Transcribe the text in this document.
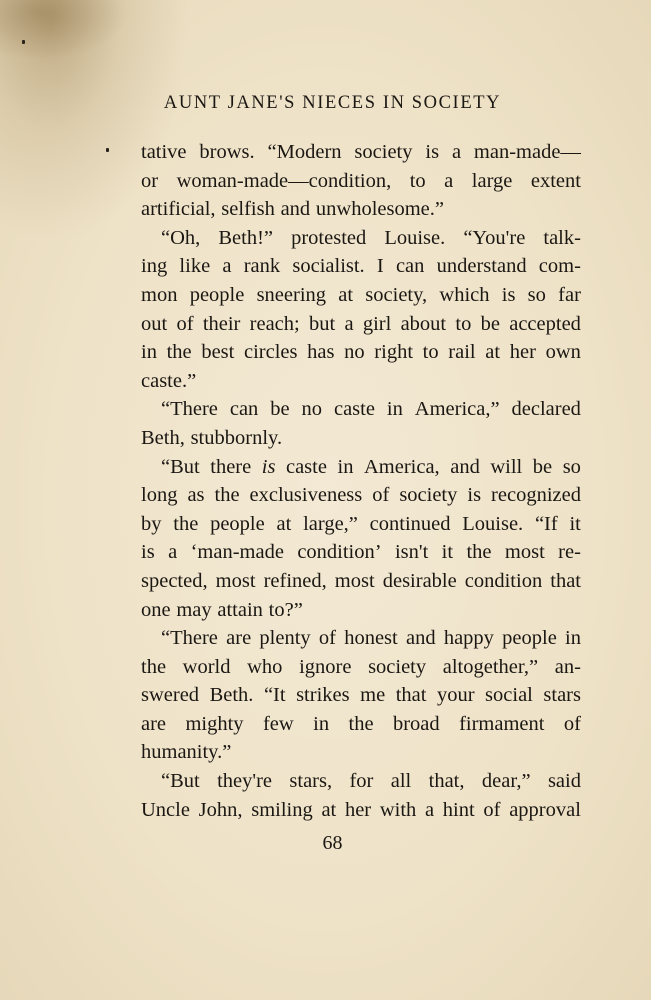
AUNT JANE'S NIECES IN SOCIETY
tative brows. “Modern society is a man-made—
or woman-made—condition, to a large extent
artificial, selfish and unwholesome.”
“Oh, Beth!” protested Louise. “You're talk-
ing like a rank socialist. I can understand com-
mon people sneering at society, which is so far
out of their reach; but a girl about to be accepted
in the best circles has no right to rail at her own
caste.”
“There can be no caste in America,” declared
Beth, stubbornly.
“But there is caste in America, and will be so
long as the exclusiveness of society is recognized
by the people at large,” continued Louise. “If it
is a ‘man-made condition’ isn't it the most re-
spected, most refined, most desirable condition that
one may attain to?”
“There are plenty of honest and happy people in
the world who ignore society altogether,” an-
swered Beth. “It strikes me that your social stars
are mighty few in the broad firmament of
humanity.”
“But they're stars, for all that, dear,” said
Uncle John, smiling at her with a hint of approval
68
